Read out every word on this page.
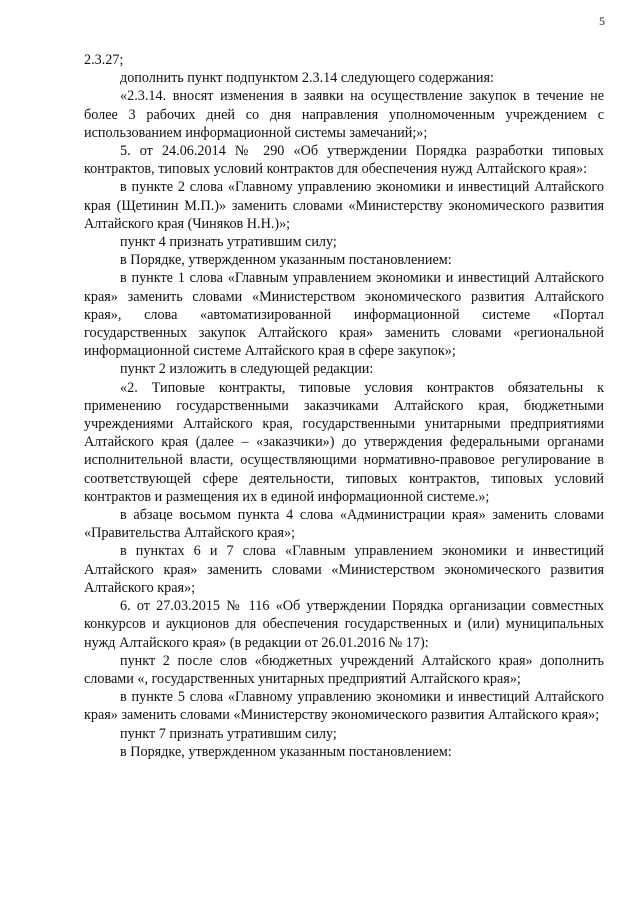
5

2.3.27;

дополнить пункт подпунктом 2.3.14 следующего содержания:

«2.3.14. вносят изменения в заявки на осуществление закупок в течение не более 3 рабочих дней со дня направления уполномоченным учреждением с использованием информационной системы замечаний;»;

5. от 24.06.2014 № 290 «Об утверждении Порядка разработки типовых контрактов, типовых условий контрактов для обеспечения нужд Алтайского края»:

в пункте 2 слова «Главному управлению экономики и инвестиций Алтайского края (Щетинин М.П.)» заменить словами «Министерству экономического развития Алтайского края (Чиняков Н.Н.)»;

пункт 4 признать утратившим силу;

в Порядке, утвержденном указанным постановлением:

в пункте 1 слова «Главным управлением экономики и инвестиций Алтайского края» заменить словами «Министерством экономического развития Алтайского края», слова «автоматизированной информационной системе «Портал государственных закупок Алтайского края» заменить словами «региональной информационной системе Алтайского края в сфере закупок»;

пункт 2 изложить в следующей редакции:

«2. Типовые контракты, типовые условия контрактов обязательны к применению государственными заказчиками Алтайского края, бюджетными учреждениями Алтайского края, государственными унитарными предприятиями Алтайского края (далее – «заказчики») до утверждения федеральными органами исполнительной власти, осуществляющими нормативно-правовое регулирование в соответствующей сфере деятельности, типовых контрактов, типовых условий контрактов и размещения их в единой информационной системе.»;

в абзаце восьмом пункта 4 слова «Администрации края» заменить словами «Правительства Алтайского края»;

в пунктах 6 и 7 слова «Главным управлением экономики и инвестиций Алтайского края» заменить словами «Министерством экономического развития Алтайского края»;

6. от 27.03.2015 № 116 «Об утверждении Порядка организации совместных конкурсов и аукционов для обеспечения государственных и (или) муниципальных нужд Алтайского края» (в редакции от 26.01.2016 № 17):

пункт 2 после слов «бюджетных учреждений Алтайского края» дополнить словами «, государственных унитарных предприятий Алтайского края»;

в пункте 5 слова «Главному управлению экономики и инвестиций Алтайского края» заменить словами «Министерству экономического развития Алтайского края»;

пункт 7 признать утратившим силу;

в Порядке, утвержденном указанным постановлением:
